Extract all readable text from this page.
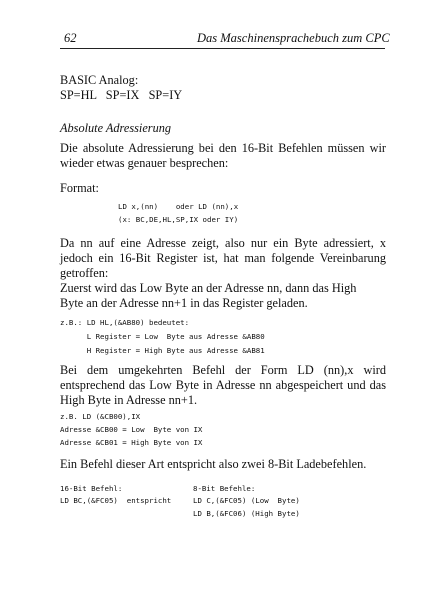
62	Das Maschinensprachebuch zum CPC
BASIC Analog:
SP=HL   SP=IX   SP=IY
Absolute Adressierung
Die absolute Adressierung bei den 16-Bit Befehlen müssen wir wieder etwas genauer besprechen:
Format:
LD x,(nn)    oder LD (nn),x
(x: BC,DE,HL,SP,IX oder IY)
Da nn auf eine Adresse zeigt, also nur ein Byte adressiert, x jedoch ein 16-Bit Register ist, hat man folgende Vereinbarung getroffen:
Zuerst wird das Low Byte an der Adresse nn, dann das High
Byte an der Adresse nn+1 in das Register geladen.
z.B.: LD HL,(&AB80) bedeutet:
L Register = Low  Byte aus Adresse &AB80
H Register = High Byte aus Adresse &AB81
Bei dem umgekehrten Befehl der Form LD (nn),x wird entsprechend das Low Byte in Adresse nn abgespeichert und das High Byte in Adresse nn+1.
z.B. LD (&CB00),IX
Adresse &CB00 = Low  Byte von IX
Adresse &CB01 = High Byte von IX
Ein Befehl dieser Art entspricht also zwei 8-Bit Ladebefehlen.
16-Bit Befehl:
LD BC,(&FC05)  entspricht
8-Bit Befehle:
LD C,(&FC05) (Low  Byte)
LD B,(&FC06) (High Byte)
